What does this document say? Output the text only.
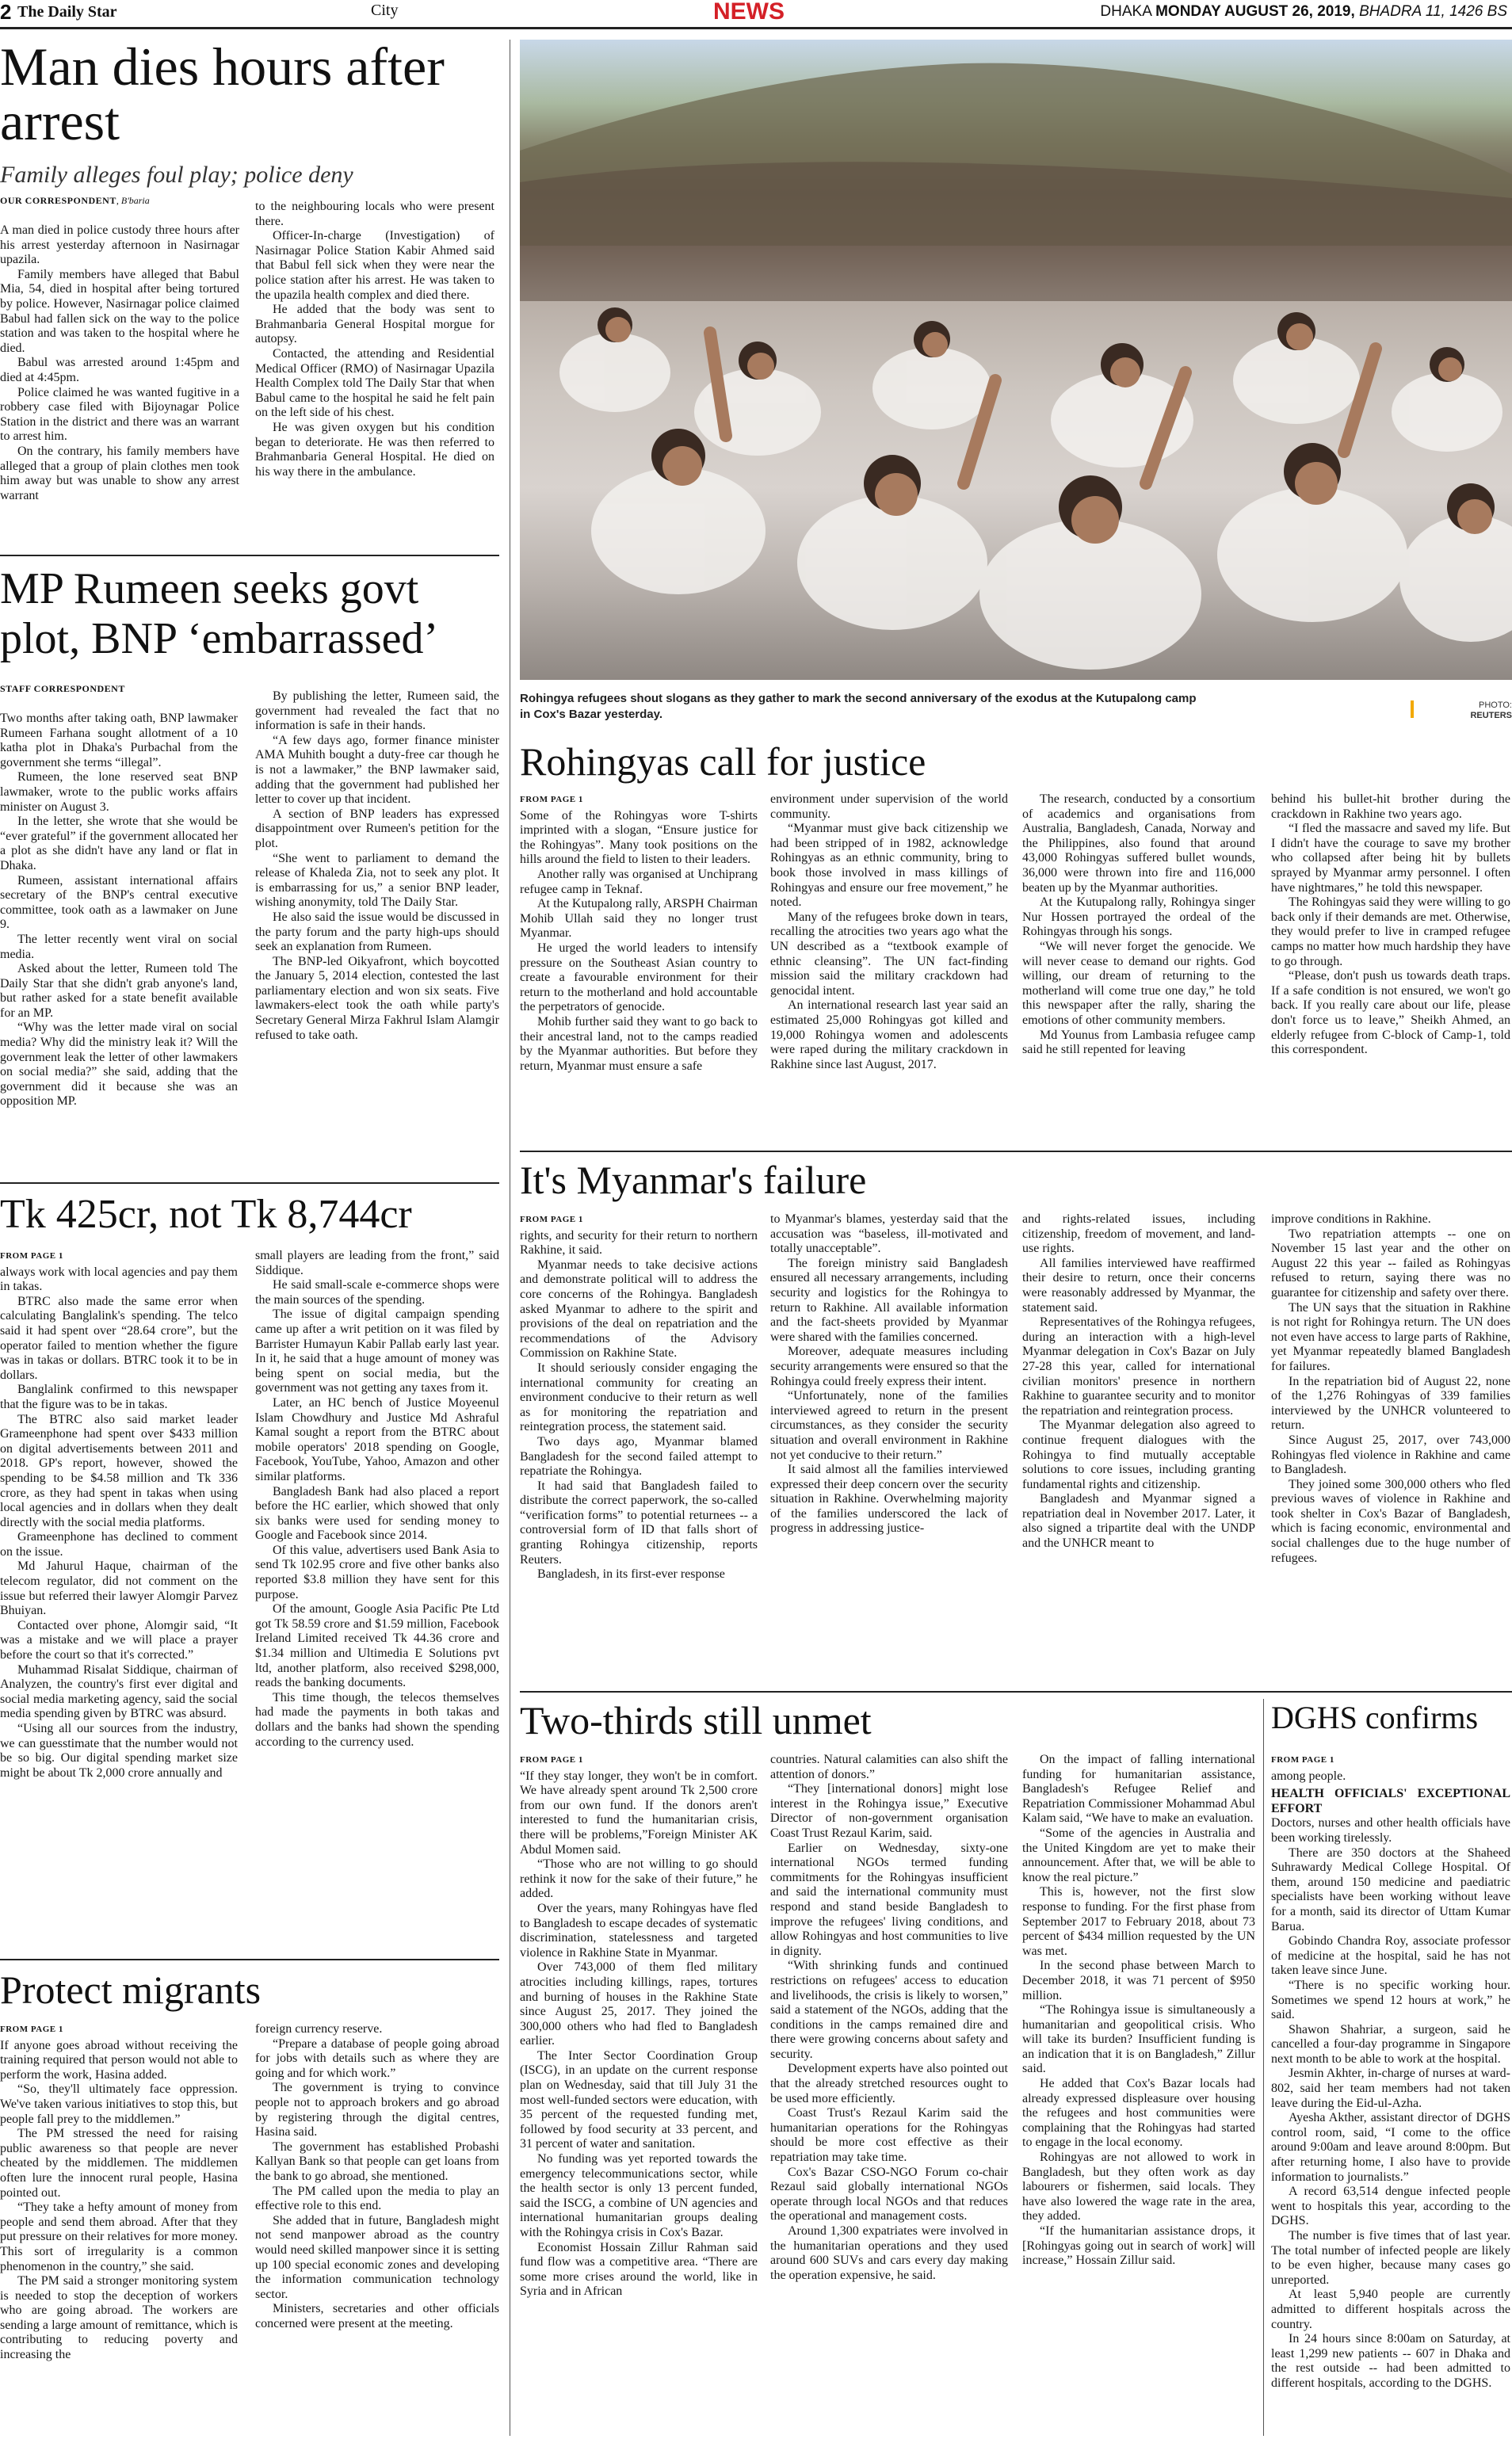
2 The Daily Star	City	NEWS	DHAKA MONDAY AUGUST 26, 2019, BHADRA 11, 1426 BS
Man dies hours after arrest
Family alleges foul play; police deny
OUR CORRESPONDENT, B'baria

A man died in police custody three hours after his arrest yesterday afternoon in Nasirnagar upazila.

Family members have alleged that Babul Mia, 54, died in hospital after being tortured by police. However, Nasirnagar police claimed Babul had fallen sick on the way to the police station and was taken to the hospital where he died.

Babul was arrested around 1:45pm and died at 4:45pm.

Police claimed he was wanted fugitive in a robbery case filed with Bijoynagar Police Station in the district and there was an warrant to arrest him.

On the contrary, his family members have alleged that a group of plain clothes men took him away but was unable to show any arrest warrant

to the neighbouring locals who were present there.

Officer-In-charge (Investigation) of Nasirnagar Police Station Kabir Ahmed said that Babul fell sick when they were near the police station after his arrest. He was taken to the upazila health complex and died there.

He added that the body was sent to Brahmanbaria General Hospital morgue for autopsy.

Contacted, the attending and Residential Medical Officer (RMO) of Nasirnagar Upazila Health Complex told The Daily Star that when Babul came to the hospital he said he felt pain on the left side of his chest.

He was given oxygen but his condition began to deteriorate. He was then referred to Brahmanbaria General Hospital. He died on his way there in the ambulance.

Rohingya refugees shout slogans as they gather to mark the second anniversary of the exodus at the Kutupalong camp in Cox's Bazar yesterday.
PHOTO:
REUTERS
MP Rumeen seeks govt plot, BNP ‘embarrassed’
STAFF CORRESPONDENT

Two months after taking oath, BNP lawmaker Rumeen Farhana sought allotment of a 10 katha plot in Dhaka's Purbachal from the government she terms “illegal”.

Rumeen, the lone reserved seat BNP lawmaker, wrote to the public works affairs minister on August 3.

In the letter, she wrote that she would be “ever grateful” if the government allocated her a plot as she didn't have any land or flat in Dhaka.

Rumeen, assistant international affairs secretary of the BNP's central executive committee, took oath as a lawmaker on June 9.

The letter recently went viral on social media.

Asked about the letter, Rumeen told The Daily Star that she didn't grab anyone's land, but rather asked for a state benefit available for an MP.

“Why was the letter made viral on social media? Why did the ministry leak it? Will the government leak the letter of other lawmakers on social media?” she said, adding that the government did it because she was an opposition MP.

By publishing the letter, Rumeen said, the government had revealed the fact that no information is safe in their hands.

“A few days ago, former finance minister AMA Muhith bought a duty-free car though he is not a lawmaker,” the BNP lawmaker said, adding that the government had published her letter to cover up that incident.

A section of BNP leaders has expressed disappointment over Rumeen's petition for the plot.

“She went to parliament to demand the release of Khaleda Zia, not to seek any plot. It is embarrassing for us,” a senior BNP leader, wishing anonymity, told The Daily Star.

He also said the issue would be discussed in the party forum and the party high-ups should seek an explanation from Rumeen.

The BNP-led Oikyafront, which boycotted the January 5, 2014 election, contested the last parliamentary election and won six seats. Five lawmakers-elect took the oath while party's Secretary General Mirza Fakhrul Islam Alamgir refused to take oath.

Tk 425cr, not Tk 8,744cr
FROM PAGE 1

always work with local agencies and pay them in takas.

BTRC also made the same error when calculating Banglalink's spending. The telco said it had spent over “28.64 crore”, but the operator failed to mention whether the figure was in takas or dollars. BTRC took it to be in dollars.

Banglalink confirmed to this newspaper that the figure was to be in takas.

The BTRC also said market leader Grameenphone had spent over $433 million on digital advertisements between 2011 and 2018. GP's report, however, showed the spending to be $4.58 million and Tk 336 crore, as they had spent in takas when using local agencies and in dollars when they dealt directly with the social media platforms.

Grameenphone has declined to comment on the issue.

Md Jahurul Haque, chairman of the telecom regulator, did not comment on the issue but referred their lawyer Alomgir Parvez Bhuiyan.

Contacted over phone, Alomgir said, “It was a mistake and we will place a prayer before the court so that it's corrected.”

Muhammad Risalat Siddique, chairman of Analyzen, the country's first ever digital and social media marketing agency, said the social media spending given by BTRC was absurd.

“Using all our sources from the industry, we can guesstimate that the number would not be so big. Our digital spending market size might be about Tk 2,000 crore annually and

small players are leading from the front,” said Siddique.

He said small-scale e-commerce shops were the main sources of the spending.

The issue of digital campaign spending came up after a writ petition on it was filed by Barrister Humayun Kabir Pallab early last year. In it, he said that a huge amount of money was being spent on social media, but the government was not getting any taxes from it.

Later, an HC bench of Justice Moyeenul Islam Chowdhury and Justice Md Ashraful Kamal sought a report from the BTRC about mobile operators' 2018 spending on Google, Facebook, YouTube, Yahoo, Amazon and other similar platforms.

Bangladesh Bank had also placed a report before the HC earlier, which showed that only six banks were used for sending money to Google and Facebook since 2014.

Of this value, advertisers used Bank Asia to send Tk 102.95 crore and five other banks also reported $3.8 million they have sent for this purpose.

Of the amount, Google Asia Pacific Pte Ltd got Tk 58.59 crore and $1.59 million, Facebook Ireland Limited received Tk 44.36 crore and $1.34 million and Ultimedia E Solutions pvt ltd, another platform, also received $298,000, reads the banking documents.

This time though, the telecos themselves had made the payments in both takas and dollars and the banks had shown the spending according to the currency used.

Protect migrants
FROM PAGE 1

If anyone goes abroad without receiving the training required that person would not able to perform the work, Hasina added.

“So, they'll ultimately face oppression. We've taken various initiatives to stop this, but people fall prey to the middlemen.”

The PM stressed the need for raising public awareness so that people are never cheated by the middlemen. The middlemen often lure the innocent rural people, Hasina pointed out.

“They take a hefty amount of money from people and send them abroad. After that they put pressure on their relatives for more money. This sort of irregularity is a common phenomenon in the country,” she said.

The PM said a stronger monitoring system is needed to stop the deception of workers who are going abroad. The workers are sending a large amount of remittance, which is contributing to reducing poverty and increasing the

foreign currency reserve.

“Prepare a database of people going abroad for jobs with details such as where they are going and for which work.”

The government is trying to convince people not to approach brokers and go abroad by registering through the digital centres, Hasina said.

The government has established Probashi Kallyan Bank so that people can get loans from the bank to go abroad, she mentioned.

The PM called upon the media to play an effective role to this end.

She added that in future, Bangladesh might not send manpower abroad as the country would need skilled manpower since it is setting up 100 special economic zones and developing the information communication technology sector.

Ministers, secretaries and other officials concerned were present at the meeting.

Rohingyas call for justice
FROM PAGE 1

Some of the Rohingyas wore T-shirts imprinted with a slogan, “Ensure justice for the Rohingyas”. Many took positions on the hills around the field to listen to their leaders.

Another rally was organised at Unchiprang refugee camp in Teknaf.

At the Kutupalong rally, ARSPH Chairman Mohib Ullah said they no longer trust Myanmar.

He urged the world leaders to intensify pressure on the Southeast Asian country to create a favourable environment for their return to the motherland and hold accountable the perpetrators of genocide.

Mohib further said they want to go back to their ancestral land, not to the camps readied by the Myanmar authorities. But before they return, Myanmar must ensure a safe

environment under supervision of the world community.

“Myanmar must give back citizenship we had been stripped of in 1982, acknowledge Rohingyas as an ethnic community, bring to book those involved in mass killings of Rohingyas and ensure our free movement,” he noted.

Many of the refugees broke down in tears, recalling the atrocities two years ago what the UN described as a “textbook example of ethnic cleansing”. The UN fact-finding mission said the military crackdown had genocidal intent.

An international research last year said an estimated 25,000 Rohingyas got killed and 19,000 Rohingya women and adolescents were raped during the military crackdown in Rakhine since last August, 2017.

The research, conducted by a consortium of academics and organisations from Australia, Bangladesh, Canada, Norway and the Philippines, also found that around 43,000 Rohingyas suffered bullet wounds, 36,000 were thrown into fire and 116,000 beaten up by the Myanmar authorities.

At the Kutupalong rally, Rohingya singer Nur Hossen portrayed the ordeal of the Rohingyas through his songs.

“We will never forget the genocide. We will never cease to demand our rights. God willing, our dream of returning to the motherland will come true one day,” he told this newspaper after the rally, sharing the emotions of other community members.

Md Younus from Lambasia refugee camp said he still repented for leaving

behind his bullet-hit brother during the crackdown in Rakhine two years ago.

“I fled the massacre and saved my life. But I didn't have the courage to save my brother who collapsed after being hit by bullets sprayed by Myanmar army personnel. I often have nightmares,” he told this newspaper.

The Rohingyas said they were willing to go back only if their demands are met. Otherwise, they would prefer to live in cramped refugee camps no matter how much hardship they have to go through.

“Please, don't push us towards death traps. If a safe condition is not ensured, we won't go back. If you really care about our life, please don't force us to leave,” Sheikh Ahmed, an elderly refugee from C-block of Camp-1, told this correspondent.

It's Myanmar's failure
FROM PAGE 1

rights, and security for their return to northern Rakhine, it said.

Myanmar needs to take decisive actions and demonstrate political will to address the core concerns of the Rohingya. Bangladesh asked Myanmar to adhere to the spirit and provisions of the deal on repatriation and the recommendations of the Advisory Commission on Rakhine State.

It should seriously consider engaging the international community for creating an environment conducive to their return as well as for monitoring the repatriation and reintegration process, the statement said.

Two days ago, Myanmar blamed Bangladesh for the second failed attempt to repatriate the Rohingya.

It had said that Bangladesh failed to distribute the correct paperwork, the so-called “verification forms” to potential returnees -- a controversial form of ID that falls short of granting Rohingya citizenship, reports Reuters.

Bangladesh, in its first-ever response

to Myanmar's blames, yesterday said that the accusation was “baseless, ill-motivated and totally unacceptable”.

The foreign ministry said Bangladesh ensured all necessary arrangements, including security and logistics for the Rohingya to return to Rakhine. All available information and the fact-sheets provided by Myanmar were shared with the families concerned.

Moreover, adequate measures including security arrangements were ensured so that the Rohingya could freely express their intent.

“Unfortunately, none of the families interviewed agreed to return in the present circumstances, as they consider the security situation and overall environment in Rakhine not yet conducive to their return.”

It said almost all the families interviewed expressed their deep concern over the security situation in Rakhine. Overwhelming majority of the families underscored the lack of progress in addressing justice-

and rights-related issues, including citizenship, freedom of movement, and land-use rights.

All families interviewed have reaffirmed their desire to return, once their concerns were reasonably addressed by Myanmar, the statement said.

Representatives of the Rohingya refugees, during an interaction with a high-level Myanmar delegation in Cox's Bazar on July 27-28 this year, called for international civilian monitors' presence in northern Rakhine to guarantee security and to monitor the repatriation and reintegration process.

The Myanmar delegation also agreed to continue frequent dialogues with the Rohingya to find mutually acceptable solutions to core issues, including granting fundamental rights and citizenship.

Bangladesh and Myanmar signed a repatriation deal in November 2017. Later, it also signed a tripartite deal with the UNDP and the UNHCR meant to

improve conditions in Rakhine.

Two repatriation attempts -- one on November 15 last year and the other on August 22 this year -- failed as Rohingyas refused to return, saying there was no guarantee for citizenship and safety over there.

The UN says that the situation in Rakhine is not right for Rohingya return. The UN does not even have access to large parts of Rakhine, yet Myanmar repeatedly blamed Bangladesh for failures.

In the repatriation bid of August 22, none of the 1,276 Rohingyas of 339 families interviewed by the UNHCR volunteered to return.

Since August 25, 2017, over 743,000 Rohingyas fled violence in Rakhine and came to Bangladesh.

They joined some 300,000 others who fled previous waves of violence in Rakhine and took shelter in Cox's Bazar of Bangladesh, which is facing economic, environmental and social challenges due to the huge number of refugees.

Two-thirds still unmet
FROM PAGE 1

“If they stay longer, they won't be in comfort. We have already spent around Tk 2,500 crore from our own fund. If the donors aren't interested to fund the humanitarian crisis, there will be problems,”Foreign Minister AK Abdul Momen said.

“Those who are not willing to go should rethink it now for the sake of their future,” he added.

Over the years, many Rohingyas have fled to Bangladesh to escape decades of systematic discrimination, statelessness and targeted violence in Rakhine State in Myanmar.

Over 743,000 of them fled military atrocities including killings, rapes, tortures and burning of houses in the Rakhine State since August 25, 2017. They joined the 300,000 others who had fled to Bangladesh earlier.

The Inter Sector Coordination Group (ISCG), in an update on the current response plan on Wednesday, said that till July 31 the most well-funded sectors were education, with 35 percent of the requested funding met, followed by food security at 33 percent, and 31 percent of water and sanitation.

No funding was yet reported towards the emergency telecommunications sector, while the health sector is only 13 percent funded, said the ISCG, a combine of UN agencies and international humanitarian groups dealing with the Rohingya crisis in Cox's Bazar.

Economist Hossain Zillur Rahman said fund flow was a competitive area. “There are some more crises around the world, like in Syria and in African

countries. Natural calamities can also shift the attention of donors.”

“They [international donors] might lose interest in the Rohingya issue,” Executive Director of non-government organisation Coast Trust Rezaul Karim, said.

Earlier on Wednesday, sixty-one international NGOs termed funding commitments for the Rohingyas insufficient and said the international community must respond and stand beside Bangladesh to improve the refugees' living conditions, and allow Rohingyas and host communities to live in dignity.

“With shrinking funds and continued restrictions on refugees' access to education and livelihoods, the crisis is likely to worsen,” said a statement of the NGOs, adding that the conditions in the camps remained dire and there were growing concerns about safety and security.

Development experts have also pointed out that the already stretched resources ought to be used more efficiently.

Coast Trust's Rezaul Karim said the humanitarian operations for the Rohingyas should be more cost effective as their repatriation may take time.

Cox's Bazar CSO-NGO Forum co-chair Rezaul said globally international NGOs operate through local NGOs and that reduces the operational and management costs.

Around 1,300 expatriates were involved in the humanitarian operations and they used around 600 SUVs and cars every day making the operation expensive, he said.

On the impact of falling international funding for humanitarian assistance, Bangladesh's Refugee Relief and Repatriation Commissioner Mohammad Abul Kalam said, “We have to make an evaluation.

“Some of the agencies in Australia and the United Kingdom are yet to make their announcement. After that, we will be able to know the real picture.”

This is, however, not the first slow response to funding. For the first phase from September 2017 to February 2018, about 73 percent of $434 million requested by the UN was met.

In the second phase between March to December 2018, it was 71 percent of $950 million.

“The Rohingya issue is simultaneously a humanitarian and geopolitical crisis. Who will take its burden? Insufficient funding is an indication that it is on Bangladesh,” Zillur said.

He added that Cox's Bazar locals had already expressed displeasure over housing the refugees and host communities were complaining that the Rohingyas had started to engage in the local economy.

Rohingyas are not allowed to work in Bangladesh, but they often work as day labourers or fishermen, said locals. They have also lowered the wage rate in the area, they added.

“If the humanitarian assistance drops, it [Rohingyas going out in search of work] will increase,” Hossain Zillur said.

DGHS confirms
FROM PAGE 1

among people.

HEALTH OFFICIALS' EXCEPTIONAL EFFORT

Doctors, nurses and other health officials have been working tirelessly.

There are 350 doctors at the Shaheed Suhrawardy Medical College Hospital. Of them, around 150 medicine and paediatric specialists have been working without leave for a month, said its director of Uttam Kumar Barua.

Gobindo Chandra Roy, associate professor of medicine at the hospital, said he has not taken leave since June.

“There is no specific working hour. Sometimes we spend 12 hours at work,” he said.

Shawon Shahriar, a surgeon, said he cancelled a four-day programme in Singapore next month to be able to work at the hospital.

Jesmin Akhter, in-charge of nurses at ward-802, said her team members had not taken leave during the Eid-ul-Azha.

Ayesha Akther, assistant director of DGHS control room, said, “I come to the office around 9:00am and leave around 8:00pm. But after returning home, I also have to provide information to journalists.”

A record 63,514 dengue infected people went to hospitals this year, according to the DGHS.

The number is five times that of last year. The total number of infected people are likely to be even higher, because many cases go unreported.

At least 5,940 people are currently admitted to different hospitals across the country.

In 24 hours since 8:00am on Saturday, at least 1,299 new patients -- 607 in Dhaka and the rest outside -- had been admitted to different hospitals, according to the DGHS.
